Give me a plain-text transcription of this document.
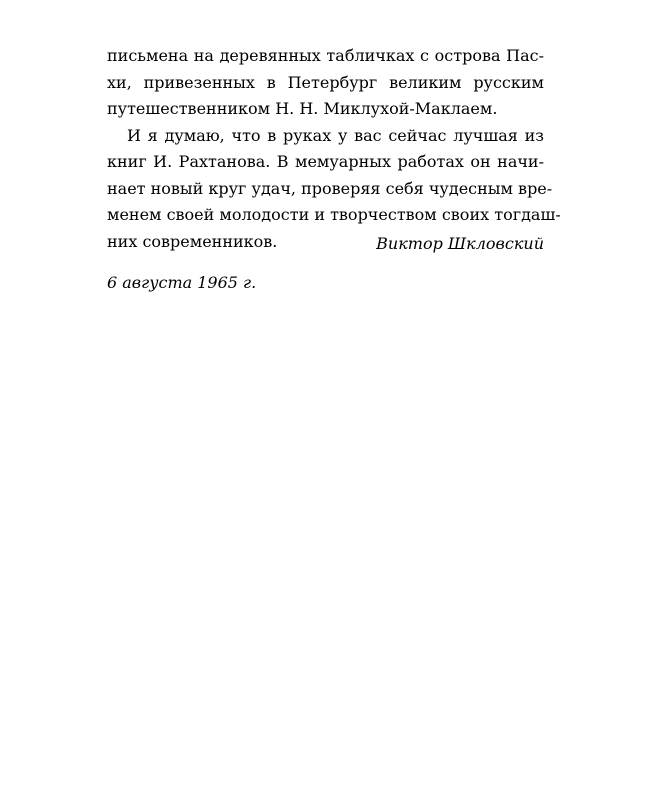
письмена на деревянных табличках с острова Пас-
хи, привезенных в Петербург великим русским
путешественником Н. Н. Миклухой-Маклаем.
И я думаю, что в руках у вас сейчас лучшая из
книг И. Рахтанова. В мемуарных работах он начи-
нает новый круг удач, проверяя себя чудесным вре-
менем своей молодости и творчеством своих тогдаш-
них современников.	Виктор Шкловский
6 августа 1965 г.
